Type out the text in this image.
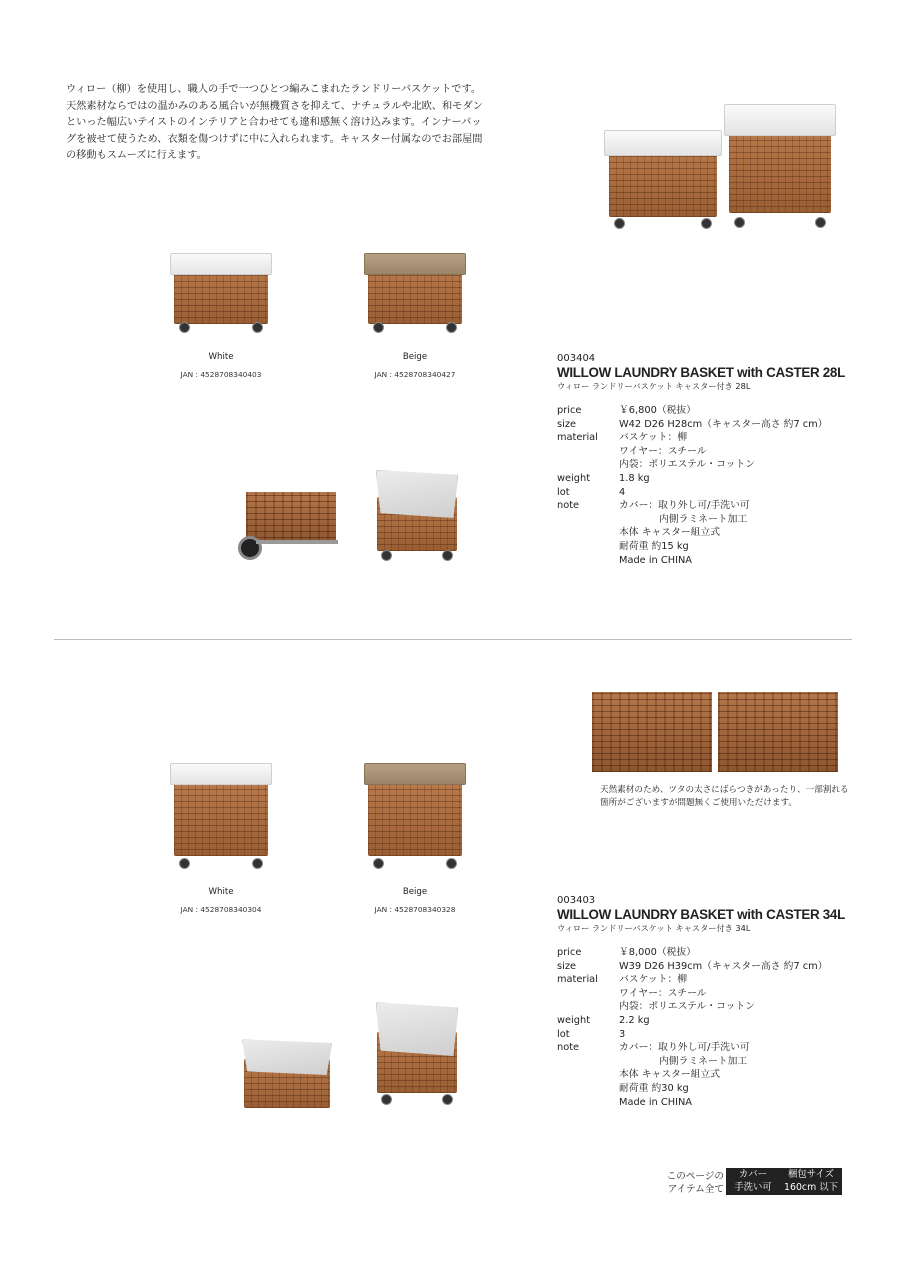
ウィロー（柳）を使用し、職人の手で一つひとつ編みこまれたランドリーバスケットです。天然素材ならではの温かみのある風合いが無機質さを抑えて、ナチュラルや北欧、和モダンといった幅広いテイストのインテリアと合わせても違和感無く溶け込みます。インナーバッグを被せて使うため、衣類を傷つけずに中に入れられます。キャスター付属なのでお部屋間の移動もスムーズに行えます。
White
JAN : 4528708340403
Beige
JAN : 4528708340427
003404
WILLOW LAUNDRY BASKET with CASTER 28L
ウィロー ランドリーバスケット キャスター付き 28L
price	￥6,800（税抜）
size	W42 D26 H28cm（キャスター高さ 約7 cm）
material	バスケット：柳
ワイヤー：スチール
内袋：ポリエステル・コットン

weight	1.8 kg
lot	4
note	カバー：取り外し可/手洗い可
内側ラミネート加工
本体 キャスター組立式
耐荷重 約15 kg
Made in CHINA
天然素材のため、ツタの太さにばらつきがあったり、一部割れる箇所がございますが問題無くご使用いただけます。
White
JAN : 4528708340304
Beige
JAN : 4528708340328
003403
WILLOW LAUNDRY BASKET with CASTER 34L
ウィロー ランドリーバスケット キャスター付き 34L
price	￥8,000（税抜）
size	W39 D26 H39cm（キャスター高さ 約7 cm）
material	バスケット：柳
ワイヤー：スチール
内袋：ポリエステル・コットン

weight	2.2 kg
lot	3
note	カバー：取り外し可/手洗い可
内側ラミネート加工
本体 キャスター組立式
耐荷重 約30 kg
Made in CHINA
このページの
アイテム全て
カバー
手洗い可
梱包サイズ
160cm 以下
